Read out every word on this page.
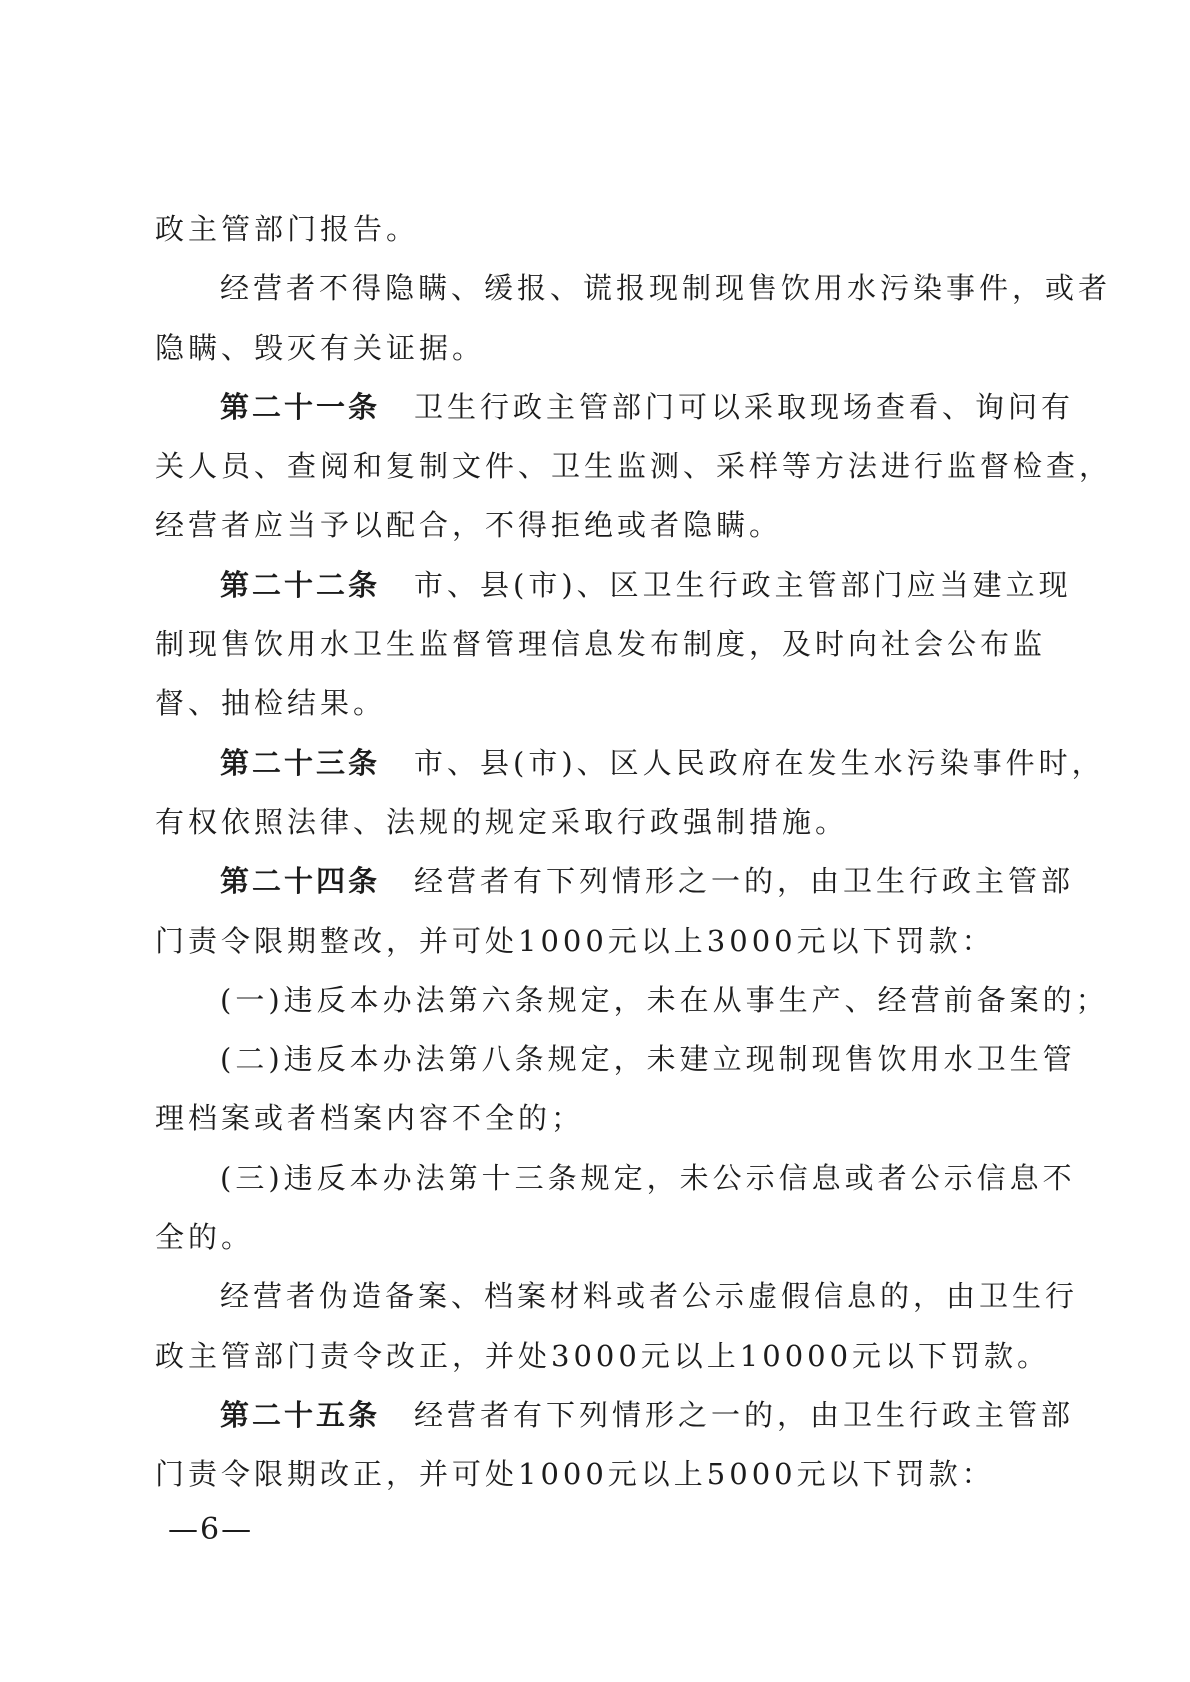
政主管部门报告。
经营者不得隐瞒、缓报、谎报现制现售饮用水污染事件，或者
隐瞒、毁灭有关证据。
第二十一条 卫生行政主管部门可以采取现场查看、询问有
关人员、查阅和复制文件、卫生监测、采样等方法进行监督检查，
经营者应当予以配合，不得拒绝或者隐瞒。
第二十二条 市、县(市)、区卫生行政主管部门应当建立现
制现售饮用水卫生监督管理信息发布制度，及时向社会公布监
督、抽检结果。
第二十三条 市、县(市)、区人民政府在发生水污染事件时，
有权依照法律、法规的规定采取行政强制措施。
第二十四条 经营者有下列情形之一的，由卫生行政主管部
门责令限期整改，并可处1000元以上3000元以下罚款：
(一)违反本办法第六条规定，未在从事生产、经营前备案的；
(二)违反本办法第八条规定，未建立现制现售饮用水卫生管
理档案或者档案内容不全的；
(三)违反本办法第十三条规定，未公示信息或者公示信息不
全的。
经营者伪造备案、档案材料或者公示虚假信息的，由卫生行
政主管部门责令改正，并处3000元以上10000元以下罚款。
第二十五条 经营者有下列情形之一的，由卫生行政主管部
门责令限期改正，并可处1000元以上5000元以下罚款：
—6—
